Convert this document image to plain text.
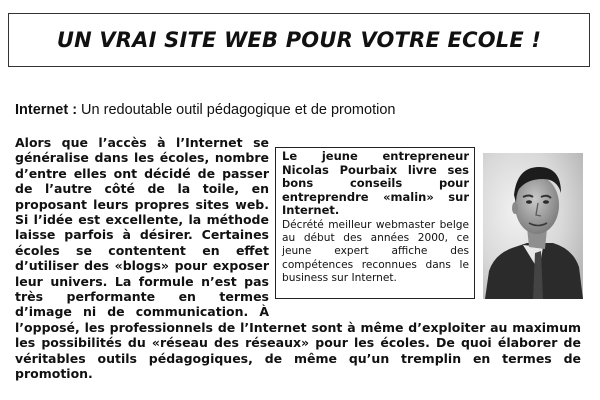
UN VRAI SITE WEB POUR VOTRE ECOLE !
Internet : Un redoutable outil pédagogique et de promotion
Le jeune entrepreneur Nicolas Pourbaix livre ses bons conseils pour entreprendre «malin» sur Internet.
Décrété meilleur webmaster belge au début des années 2000, ce jeune expert affiche des compétences reconnues dans le business sur Internet.
Alors que l’accès à l’Internet se généralise dans les écoles, nombre d’entre elles ont décidé de passer de l’autre côté de la toile, en proposant leurs propres sites web. Si l’idée est excellente, la méthode laisse parfois à désirer. Certaines écoles se contentent en effet d’utiliser des «blogs» pour exposer leur univers. La formule n’est pas très performante en termes d’image ni de communication. À l’opposé, les professionnels de l’Internet sont à même d’exploiter au maximum les possibilités du «réseau des réseaux» pour les écoles. De quoi élaborer de véritables outils pédagogiques, de même qu’un tremplin en termes de promotion.
